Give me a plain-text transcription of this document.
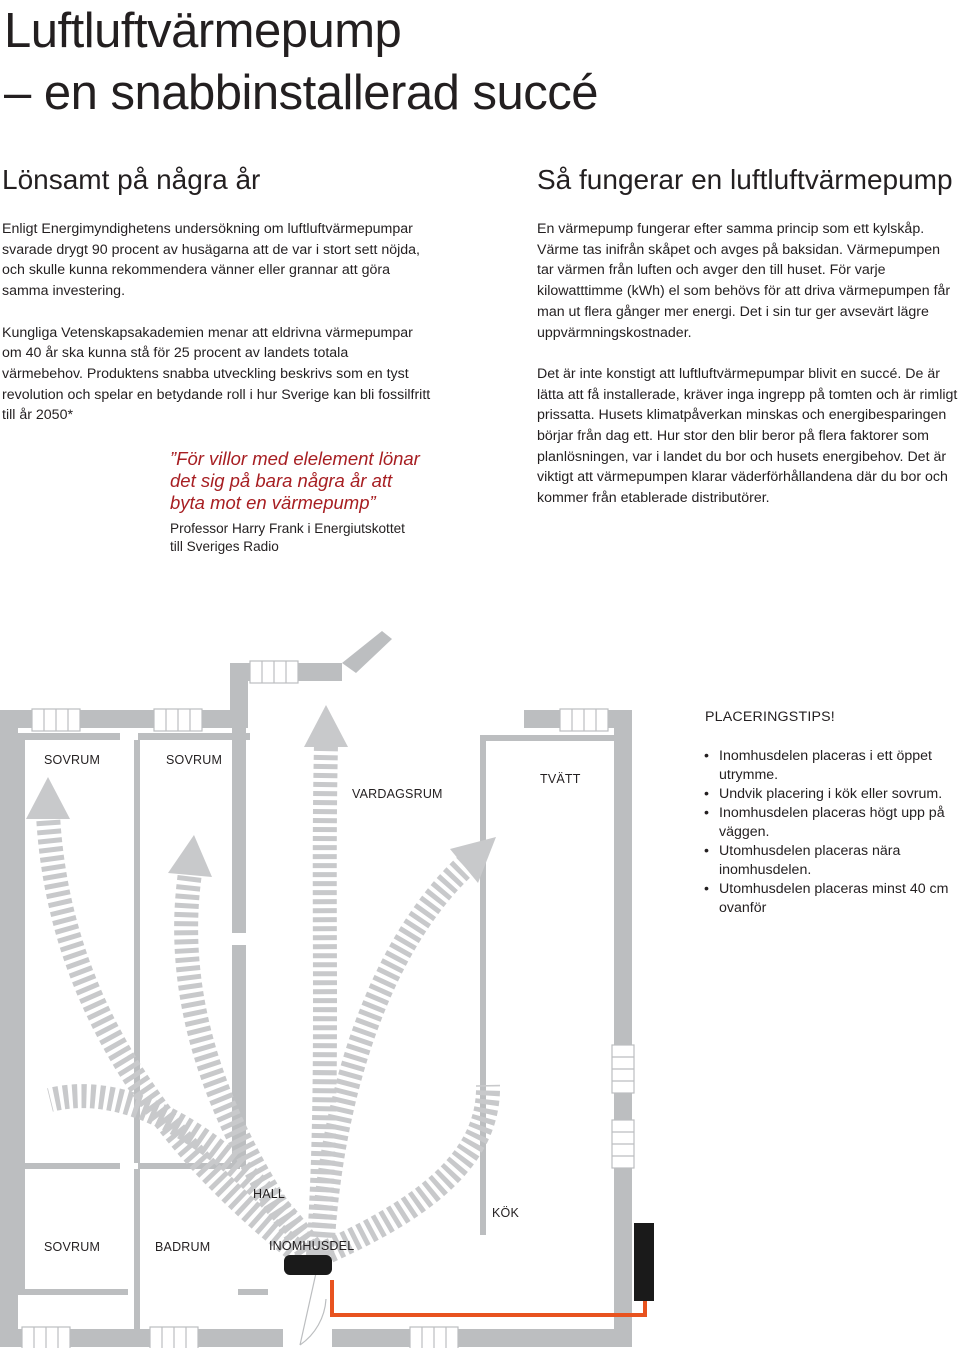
Luftluftvärmepump
– en snabbinstallerad succé
Lönsamt på några år

Enligt Energimyndighetens undersökning om luftluftvärmepumpar svarade drygt 90 procent av husägarna att de var i stort sett nöjda, och skulle kunna rekommendera vänner eller grannar att göra samma investering.

Kungliga Vetenskapsakademien menar att eldrivna värmepumpar om 40 år ska kunna stå för 25 procent av landets totala värmebehov. Produktens snabba utveckling beskrivs som en tyst revolution och spelar en betydande roll i hur Sverige kan bli fossilfritt till år 2050*

”För villor med elelement lönar
det sig på bara några år att
byta mot en värmepump”
Professor Harry Frank i Energiutskottet
till Sveriges Radio
Så fungerar en luftluftvärmepump

En värmepump fungerar efter samma princip som ett kylskåp. Värme tas inifrån skåpet och avges på baksidan. Värmepumpen tar värmen från luften och avger den till huset. För varje kilowatttimme (kWh) el som behövs för att driva värmepumpen får man ut flera gånger mer energi. Det i sin tur ger avsevärt lägre uppvärmningskostnader.

Det är inte konstigt att luftluftvärmepumpar blivit en succé. De är lätta att få installerade, kräver inga ingrepp på tomten och är rimligt prissatta. Husets klimatpåverkan minskas och energibesparingen börjar från dag ett. Hur stor den blir beror på flera faktorer som planlösningen, var i landet du bor och husets energibehov. Det är viktigt att värmepumpen klarar väderförhållandena där du bor och kommer från etablerade distributörer.

SOVRUM	SOVRUM
VARDAGSRUM
TVÄTT
HALL
KÖK
SOVRUM	BADRUM	INOMHUSDEL
PLACERINGSTIPS!
• Inomhusdelen placeras i ett öppet utrymme.
• Undvik placering i kök eller sovrum.
• Inomhusdelen placeras högt upp på väggen.
• Utomhusdelen placeras nära inomhusdelen.
• Utomhusdelen placeras minst 40 cm ovanför
